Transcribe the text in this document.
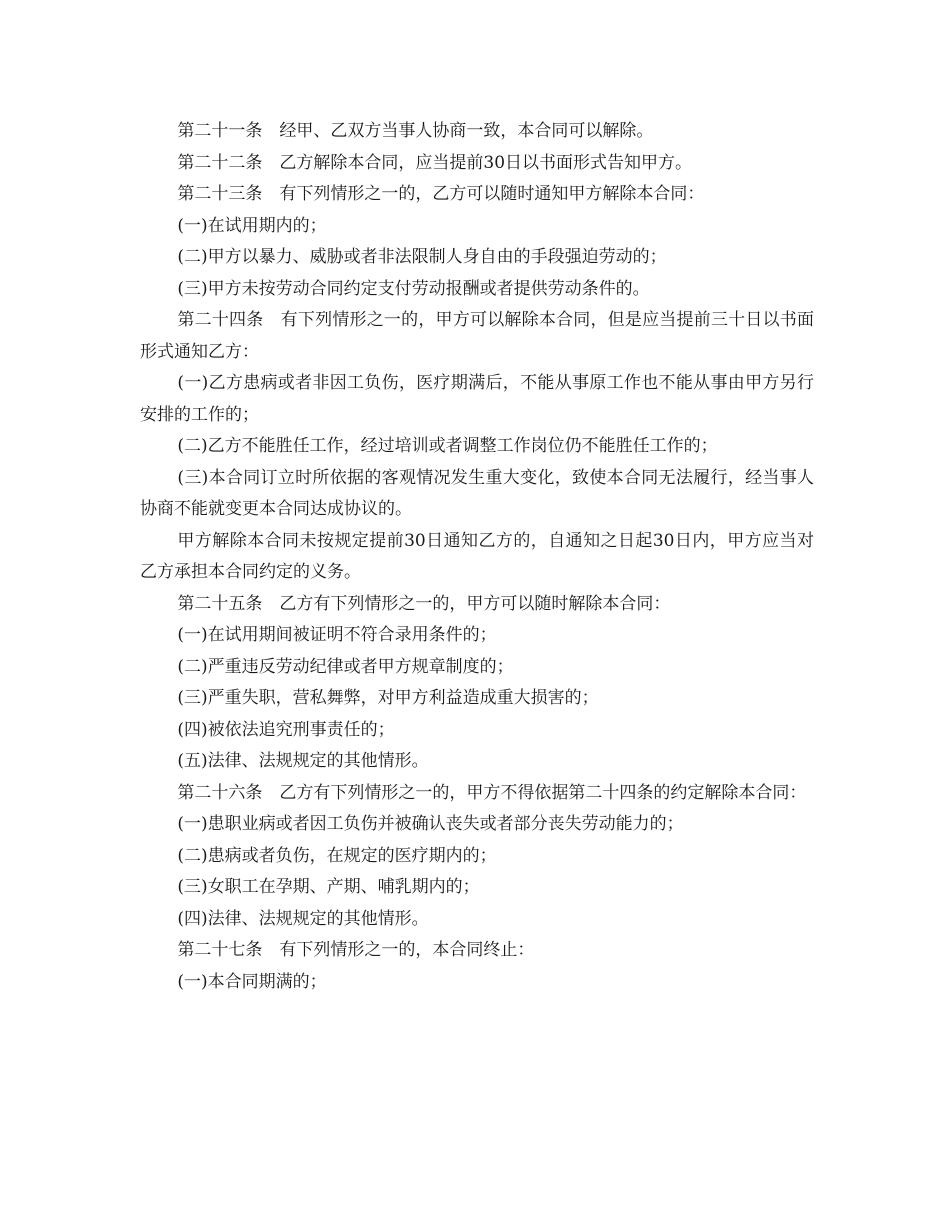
第二十一条　经甲、乙双方当事人协商一致，本合同可以解除。

第二十二条　乙方解除本合同，应当提前30日以书面形式告知甲方。

第二十三条　有下列情形之一的，乙方可以随时通知甲方解除本合同：

(一)在试用期内的；

(二)甲方以暴力、威胁或者非法限制人身自由的手段强迫劳动的；

(三)甲方未按劳动合同约定支付劳动报酬或者提供劳动条件的。

第二十四条　有下列情形之一的，甲方可以解除本合同，但是应当提前三十日以书面形式通知乙方：

(一)乙方患病或者非因工负伤，医疗期满后，不能从事原工作也不能从事由甲方另行安排的工作的；

(二)乙方不能胜任工作，经过培训或者调整工作岗位仍不能胜任工作的；

(三)本合同订立时所依据的客观情况发生重大变化，致使本合同无法履行，经当事人协商不能就变更本合同达成协议的。

甲方解除本合同未按规定提前30日通知乙方的，自通知之日起30日内，甲方应当对乙方承担本合同约定的义务。

第二十五条　乙方有下列情形之一的，甲方可以随时解除本合同：

(一)在试用期间被证明不符合录用条件的；

(二)严重违反劳动纪律或者甲方规章制度的；

(三)严重失职，营私舞弊，对甲方利益造成重大损害的；

(四)被依法追究刑事责任的；

(五)法律、法规规定的其他情形。

第二十六条　乙方有下列情形之一的，甲方不得依据第二十四条的约定解除本合同：

(一)患职业病或者因工负伤并被确认丧失或者部分丧失劳动能力的；

(二)患病或者负伤，在规定的医疗期内的；

(三)女职工在孕期、产期、哺乳期内的；

(四)法律、法规规定的其他情形。

第二十七条　有下列情形之一的，本合同终止：

(一)本合同期满的；
